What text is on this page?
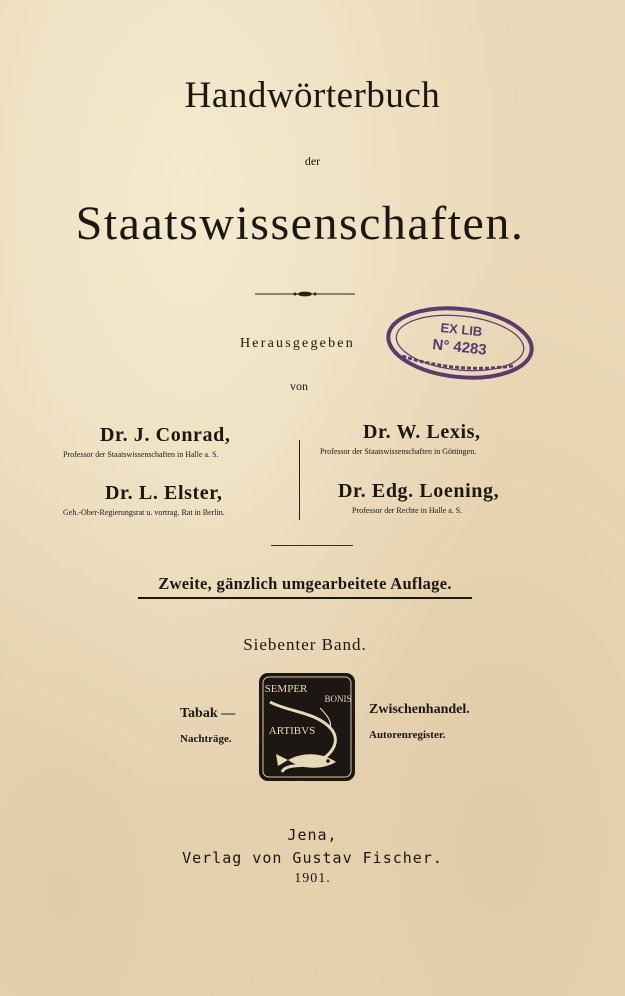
Handwörterbuch
der
Staatswissenschaften.
EX LIB
N° 4283
Herausgegeben
von
Dr. J. Conrad,
Professor der Staatswissenschaften in Halle a. S.
Dr. L. Elster,
Geh.-Ober-Regierungsrat u. vortrag. Rat in Berlin.
Dr. W. Lexis,
Professor der Staatswissenschaften in Göttingen.
Dr. Edg. Loening,
Professor der Rechte in Halle a. S.
Zweite, gänzlich umgearbeitete Auflage.
Siebenter Band.
Tabak —
Nachträge.
Zwischenhandel.
Autorenregister.
SEMPER
BONIS
ARTIBVS
Jena,
Verlag von Gustav Fischer.
1901.
